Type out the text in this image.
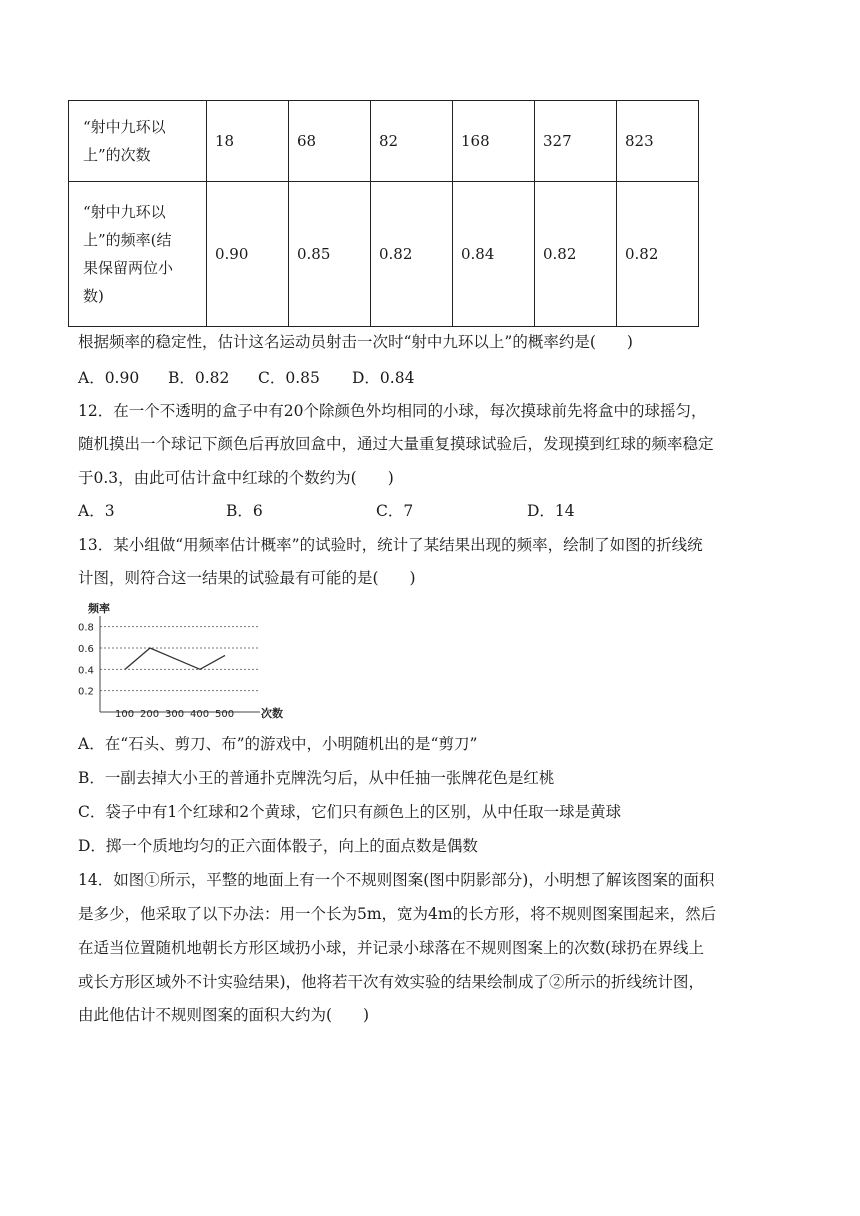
“射中九环以
上”的次数	18	68	82	168	327	823

“射中九环以
上”的频率(结
果保留两位小
数)	0.90	0.85	0.82	0.84	0.82	0.82
根据频率的稳定性，估计这名运动员射击一次时“射中九环以上”的概率约是(　　)
A．0.90 B．0.82 C．0.85 D．0.84
12．在一个不透明的盒子中有20个除颜色外均相同的小球，每次摸球前先将盒中的球摇匀，
随机摸出一个球记下颜色后再放回盒中，通过大量重复摸球试验后，发现摸到红球的频率稳定
于0.3，由此可估计盒中红球的个数约为(　　)
A．3	B．6	C．7	D．14
13．某小组做“用频率估计概率”的试验时，统计了某结果出现的频率，绘制了如图的折线统
计图，则符合这一结果的试验最有可能的是(　　)
0.8
0.6
0.4
0.2
100 200 300 400 500
频率
次数
A．在“石头、剪刀、布”的游戏中，小明随机出的是“剪刀”
B．一副去掉大小王的普通扑克牌洗匀后，从中任抽一张牌花色是红桃
C．袋子中有1个红球和2个黄球，它们只有颜色上的区别，从中任取一球是黄球
D．掷一个质地均匀的正六面体骰子，向上的面点数是偶数
14．如图①所示，平整的地面上有一个不规则图案(图中阴影部分)，小明想了解该图案的面积
是多少，他采取了以下办法：用一个长为5m，宽为4m的长方形，将不规则图案围起来，然后
在适当位置随机地朝长方形区域扔小球，并记录小球落在不规则图案上的次数(球扔在界线上
或长方形区域外不计实验结果)，他将若干次有效实验的结果绘制成了②所示的折线统计图，
由此他估计不规则图案的面积大约为(　　)
